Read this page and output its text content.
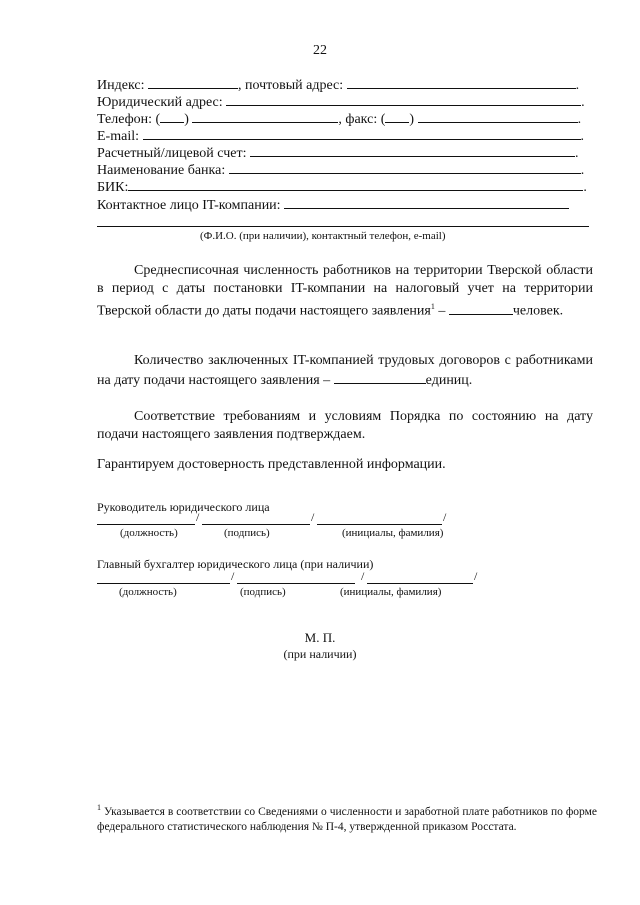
22
Индекс:	, почтовый адрес:	.
Юридический адрес:	.
Телефон: ( )	, факс: ( )	.
E-mail:	.
Расчетный/лицевой счет:	.
Наименование банка:	.
БИК:	.
Контактное лицо IT-компании:
(Ф.И.О. (при наличии), контактный телефон, e-mail)
Среднесписочная численность работников на территории Тверской области в период с даты постановки IT-компании на налоговый учет на территории Тверской области до даты подачи настоящего заявления$^1$ –	человек.
Количество заключенных IT-компанией трудовых договоров с работниками на дату подачи настоящего заявления –	единиц.
Соответствие требованиям и условиям Порядка по состоянию на дату подачи настоящего заявления подтверждаем.
Гарантируем достоверность представленной информации.
Руководитель юридического лица
/	/	/
(должность)	(подпись)	(инициалы, фамилия)
Главный бухгалтер юридического лица (при наличии)
/	/	/
(должность)	(подпись)	(инициалы, фамилия)
М. П.
(при наличии)
$^1$ Указывается в соответствии со Сведениями о численности и заработной плате работников по форме федерального статистического наблюдения № П-4, утвержденной приказом Росстата.
